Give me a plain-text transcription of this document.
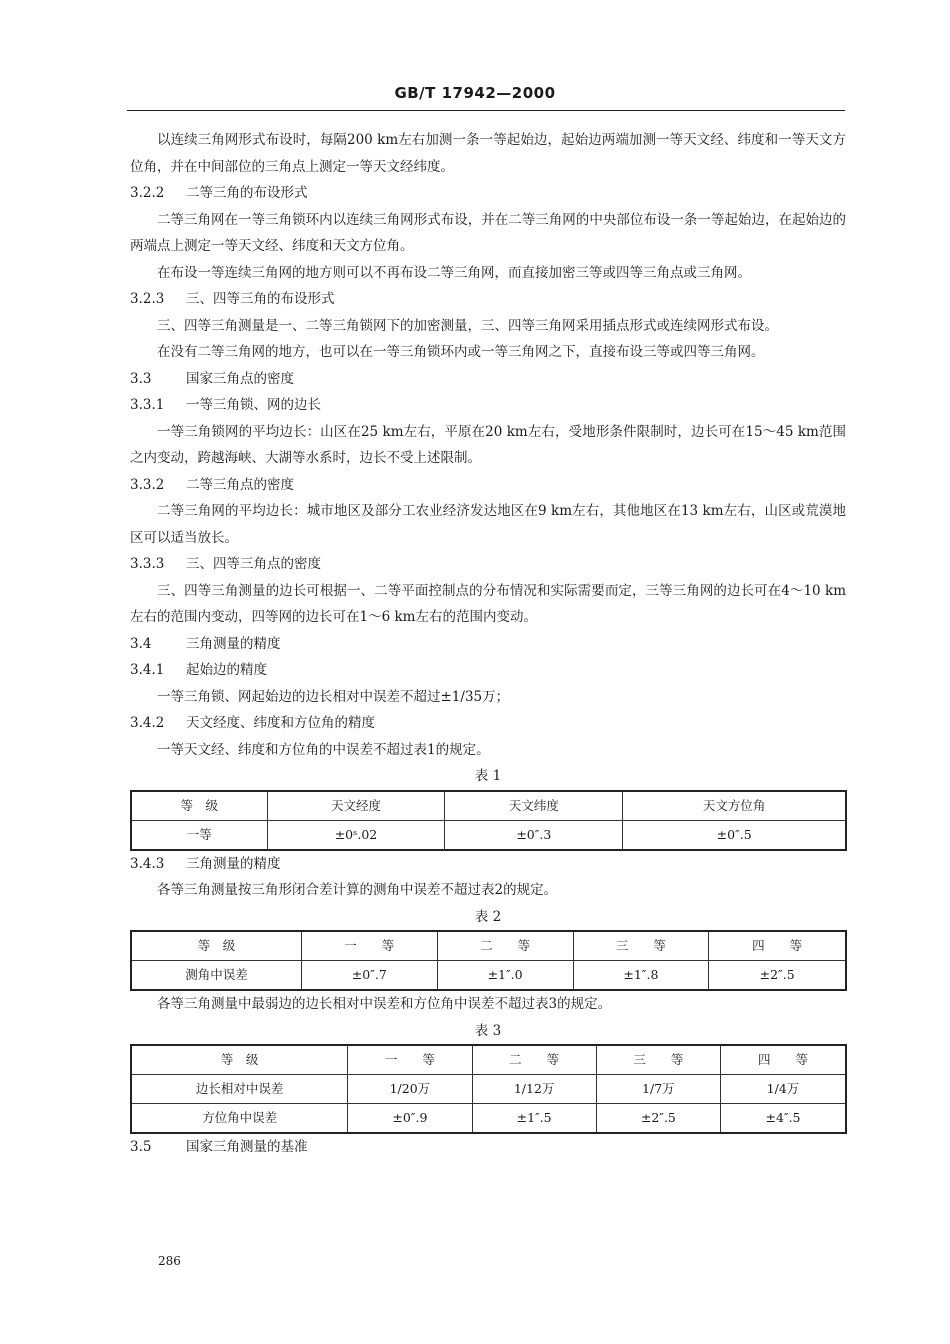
GB/T 17942—2000

以连续三角网形式布设时，每隔200 km左右加测一条一等起始边，起始边两端加测一等天文经、纬度和一等天文方位角，并在中间部位的三角点上测定一等天文经纬度。

3.2.2 二等三角的布设形式

二等三角网在一等三角锁环内以连续三角网形式布设，并在二等三角网的中央部位布设一条一等起始边，在起始边的两端点上测定一等天文经、纬度和天文方位角。

在布设一等连续三角网的地方则可以不再布设二等三角网，而直接加密三等或四等三角点或三角网。

3.2.3 三、四等三角的布设形式

三、四等三角测量是一、二等三角锁网下的加密测量，三、四等三角网采用插点形式或连续网形式布设。

在没有二等三角网的地方，也可以在一等三角锁环内或一等三角网之下，直接布设三等或四等三角网。

3.3	国家三角点的密度

3.3.1 一等三角锁、网的边长

一等三角锁网的平均边长：山区在25 km左右，平原在20 km左右，受地形条件限制时，边长可在15～45 km范围之内变动，跨越海峡、大湖等水系时，边长不受上述限制。

3.3.2 二等三角点的密度

二等三角网的平均边长：城市地区及部分工农业经济发达地区在9 km左右，其他地区在13 km左右，山区或荒漠地区可以适当放长。

3.3.3 三、四等三角点的密度

三、四等三角测量的边长可根据一、二等平面控制点的分布情况和实际需要而定，三等三角网的边长可在4～10 km左右的范围内变动，四等网的边长可在1～6 km左右的范围内变动。

3.4	三角测量的精度

3.4.1 起始边的精度

一等三角锁、网起始边的边长相对中误差不超过±1/35万；

3.4.2 天文经度、纬度和方位角的精度

一等天文经、纬度和方位角的中误差不超过表1的规定。

表 1

等　级	天文经度	天文纬度	天文方位角
一等	±0ˢ.02	±0″.3	±0″.5

3.4.3 三角测量的精度

各等三角测量按三角形闭合差计算的测角中误差不超过表2的规定。

表 2

等　级	一　　等	二　　等	三　　等	四　　等
测角中误差	±0″.7	±1″.0	±1″.8	±2″.5

各等三角测量中最弱边的边长相对中误差和方位角中误差不超过表3的规定。

表 3

等　级	一　　等	二　　等	三　　等	四　　等
边长相对中误差	1/20万	1/12万	1/7万	1/4万
方位角中误差	±0″.9	±1″.5	±2″.5	±4″.5

3.5	国家三角测量的基准

286
